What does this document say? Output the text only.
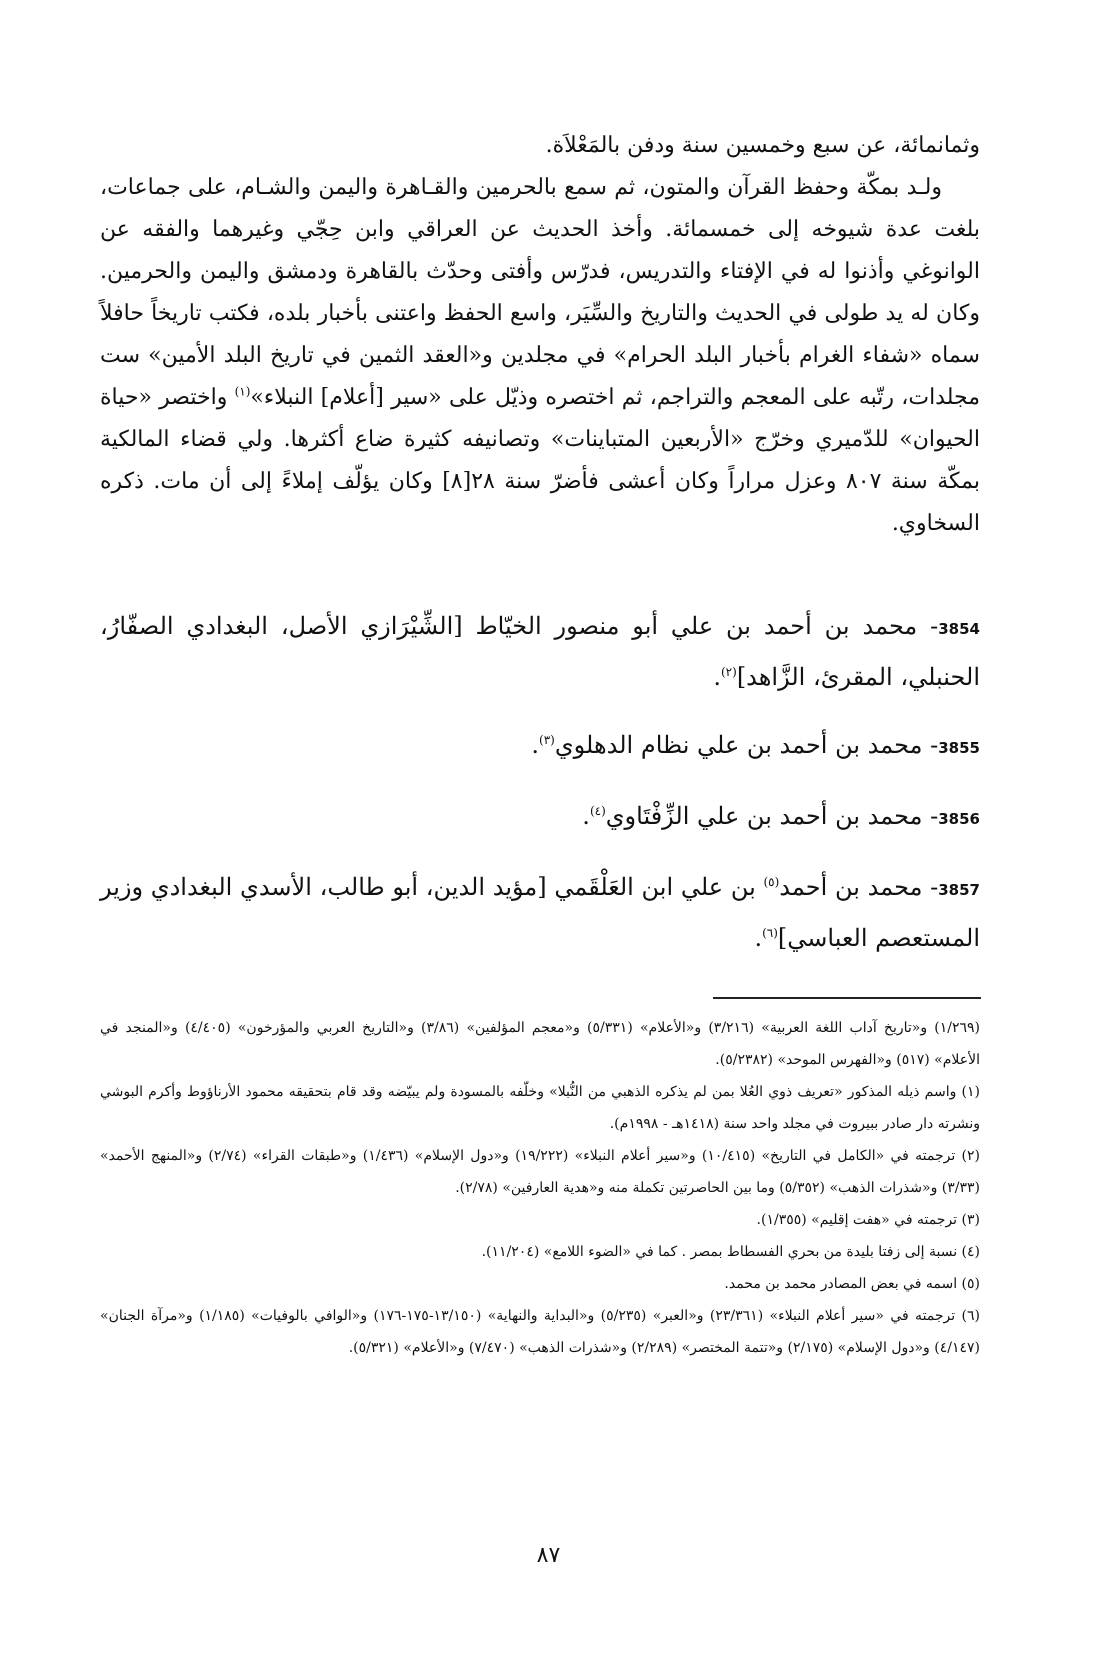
وثمانمائة، عن سبع وخمسين سنة ودفن بالمَعْلاَة.

ولـد بمكّة وحفظ القرآن والمتون، ثم سمع بالحرمين والقـاهرة واليمن والشـام، على جماعات، بلغت عدة شيوخه إلى خمسمائة. وأخذ الحديث عن العراقي وابن حِجّي وغيرهما والفقه عن الوانوغي وأذنوا له في الإفتاء والتدريس، فدرّس وأفتى وحدّث بالقاهرة ودمشق واليمن والحرمين. وكان له يد طولى في الحديث والتاريخ والسِّيَر، واسع الحفظ واعتنى بأخبار بلده، فكتب تاريخاً حافلاً سماه «شفاء الغرام بأخبار البلد الحرام» في مجلدين و«العقد الثمين في تاريخ البلد الأمين» ست مجلدات، رتّبه على المعجم والتراجم، ثم اختصره وذيّل على «سير [أعلام] النبلاء»$^{(١)}$ واختصر «حياة الحيوان» للدّميري وخرّج «الأربعين المتباينات» وتصانيفه كثيرة ضاع أكثرها. ولي قضاء المالكية بمكّة سنة ٨٠٧ وعزل مراراً وكان أعشى فأضرّ سنة ٢٨[٨] وكان يؤلّف إملاءً إلى أن مات. ذكره السخاوي.

3854- محمد بن أحمد بن علي أبو منصور الخيّاط [الشِّيْرَازي الأصل، البغدادي الصفّارُ، الحنبلي، المقرئ، الزَّاهد]$^{(٢)}$.

3855- محمد بن أحمد بن علي نظام الدهلوي$^{(٣)}$.

3856- محمد بن أحمد بن علي الزِّفْتَاوي$^{(٤)}$.

3857- محمد بن أحمد$^{(٥)}$ بن علي ابن العَلْقَمي [مؤيد الدين، أبو طالب، الأسدي البغدادي وزير المستعصم العباسي]$^{(٦)}$.

(١/٢٦٩) و«تاريخ آداب اللغة العربية» (٣/٢١٦) و«الأعلام» (٥/٣٣١) و«معجم المؤلفين» (٣/٨٦) و«التاريخ العربي والمؤرخون» (٤/٤٠٥) و«المنجد في الأعلام» (٥١٧) و«الفهرس الموحد» (٥/٢٣٨٢).

(١) واسم ذيله المذكور «تعريف ذوي العُلا بمن لم يذكره الذهبي من النُّبلا» وخلّفه بالمسودة ولم يبيّضه وقد قام بتحقيقه محمود الأرناؤوط وأكرم البوشي ونشرته دار صادر ببيروت في مجلد واحد سنة (١٤١٨هـ - ١٩٩٨م).

(٢) ترجمته في «الكامل في التاريخ» (١٠/٤١٥) و«سير أعلام النبلاء» (١٩/٢٢٢) و«دول الإسلام» (١/٤٣٦) و«طبقات القراء» (٢/٧٤) و«المنهج الأحمد» (٣/٣٣) و«شذرات الذهب» (٥/٣٥٢) وما بين الحاصرتين تكملة منه و«هدية العارفين» (٢/٧٨).

(٣) ترجمته في «هفت إقليم» (١/٣٥٥).

(٤) نسبة إلى زفتا بليدة من بحري الفسطاط بمصر . كما في «الضوء اللامع» (١١/٢٠٤).

(٥) اسمه في بعض المصادر محمد بن محمد.

(٦) ترجمته في «سير أعلام النبلاء» (٢٣/٣٦١) و«العبر» (٥/٢٣٥) و«البداية والنهاية» (١٣/١٥٠-١٧٥-١٧٦) و«الوافي بالوفيات» (١/١٨٥) و«مرآة الجنان» (٤/١٤٧) و«دول الإسلام» (٢/١٧٥) و«تتمة المختصر» (٢/٢٨٩) و«شذرات الذهب» (٧/٤٧٠) و«الأعلام» (٥/٣٢١).

٨٧
